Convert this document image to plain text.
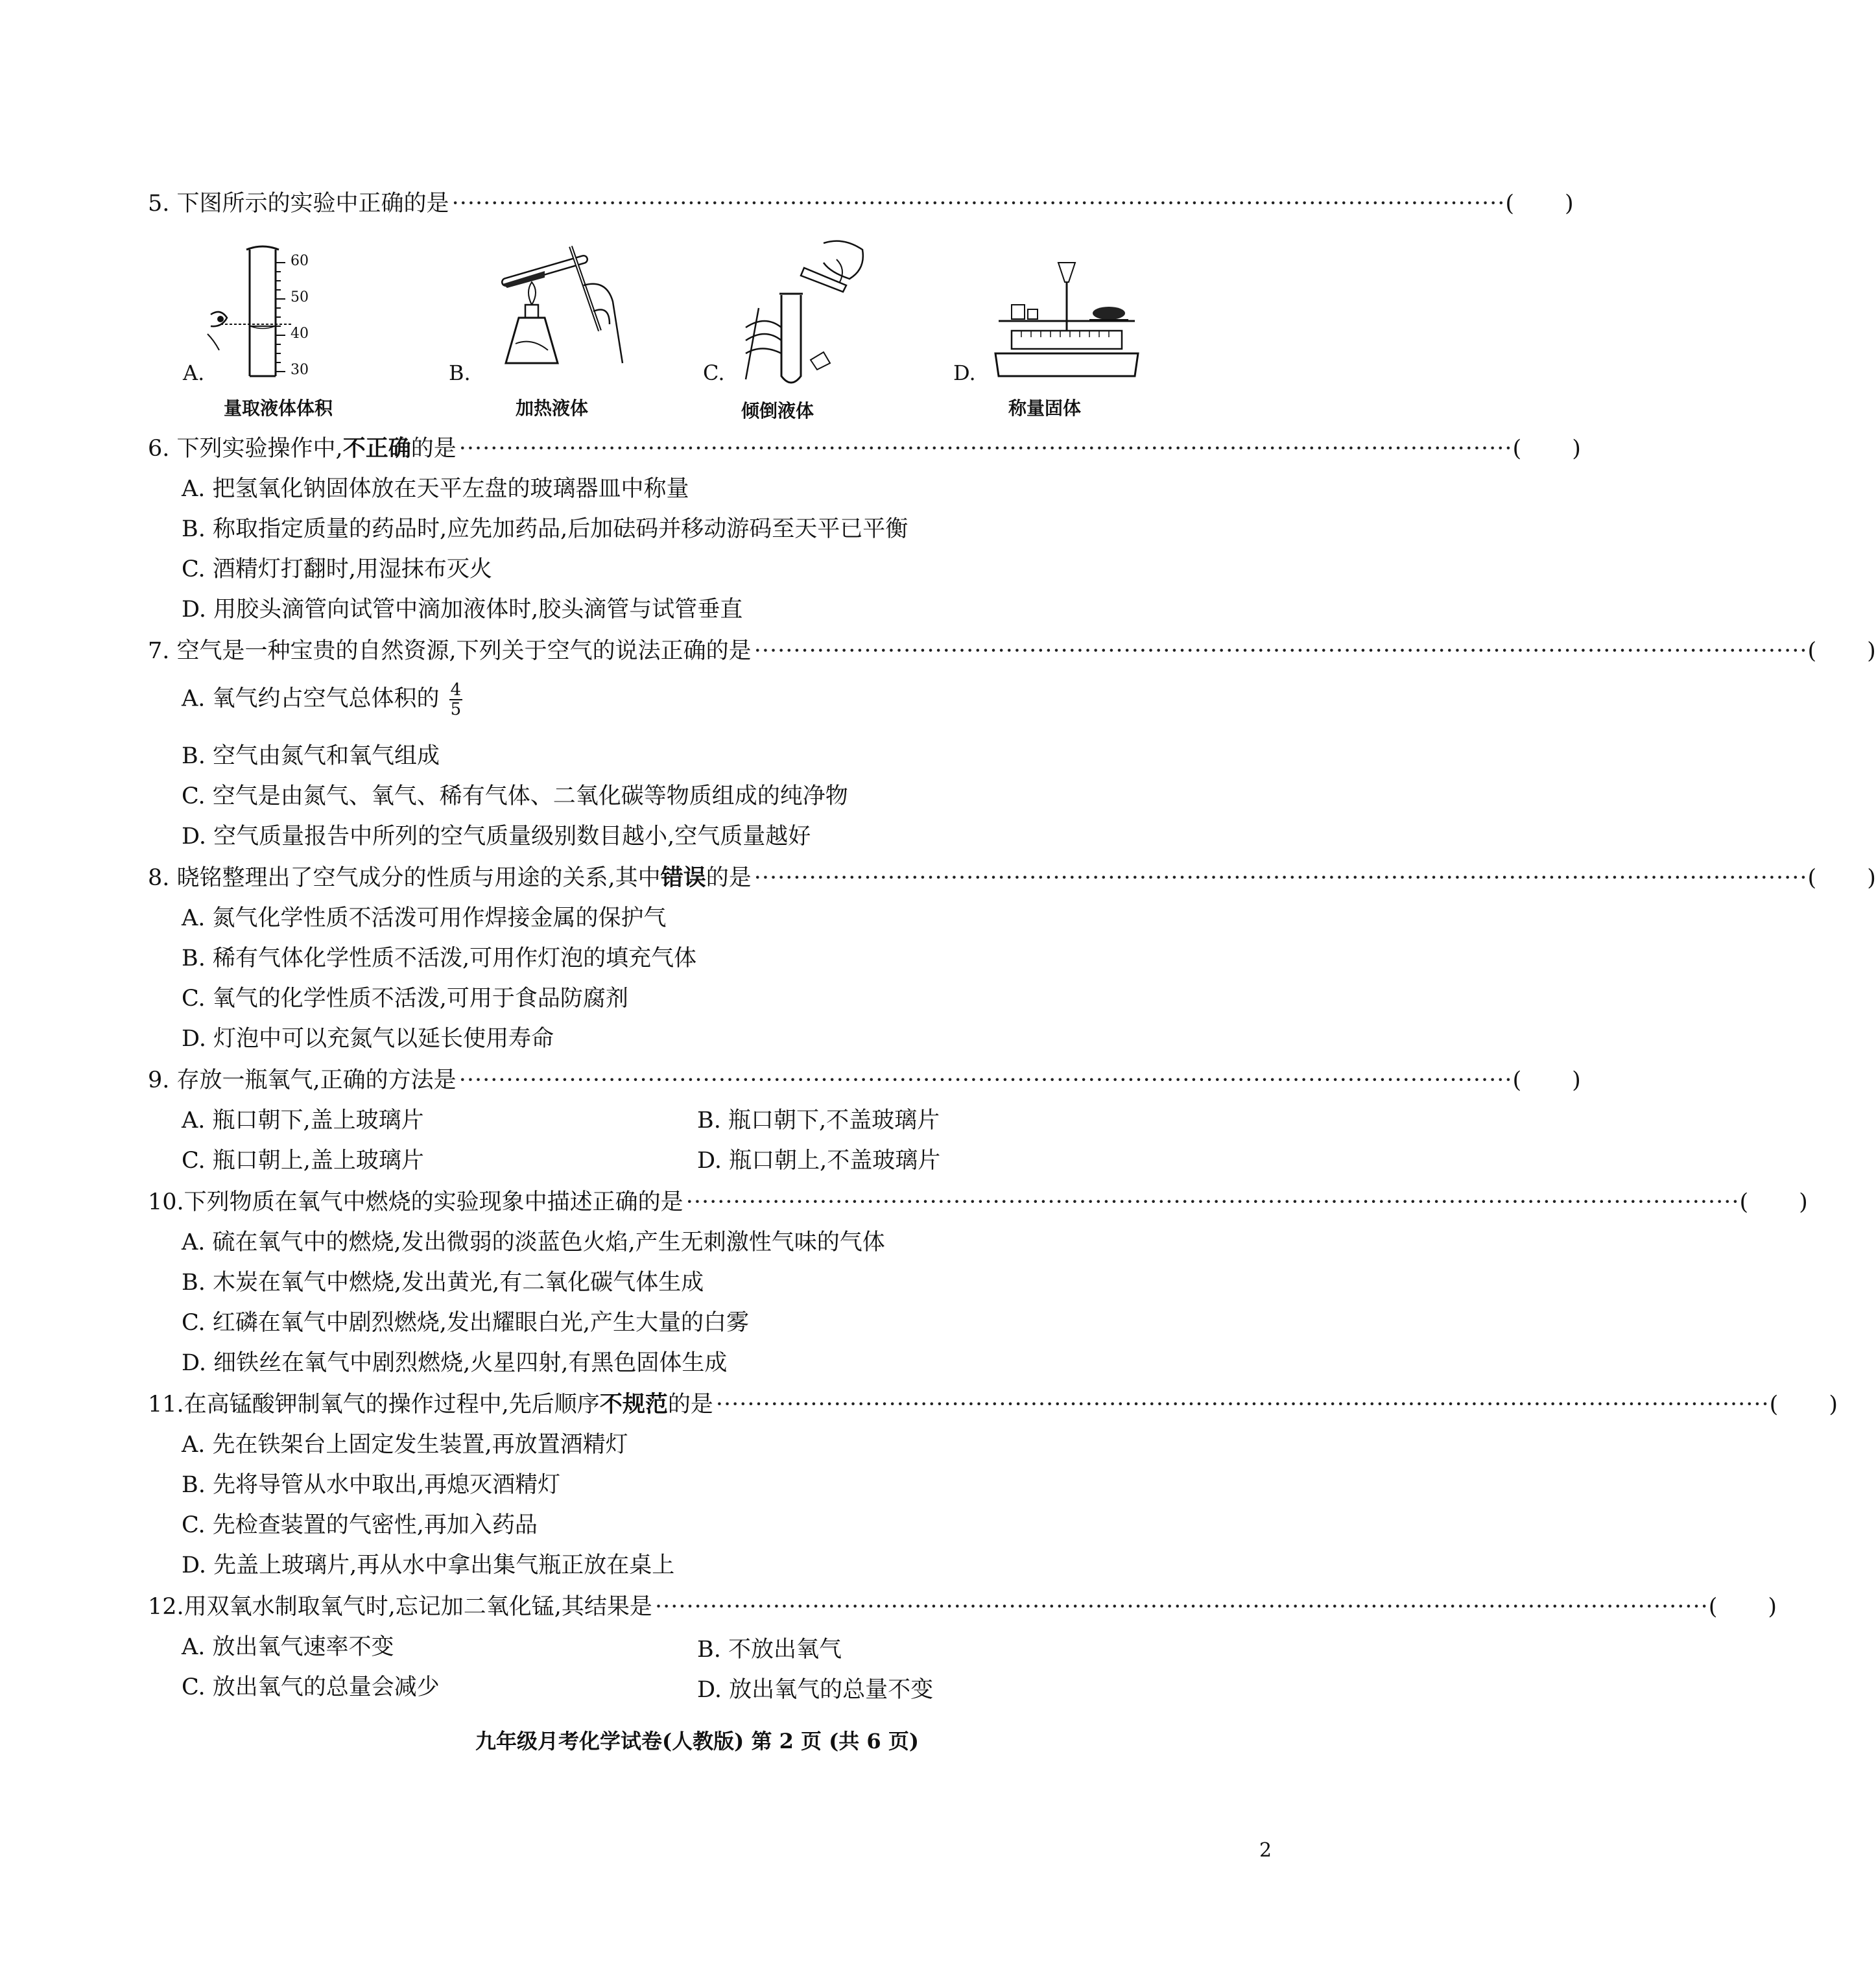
5.
下图所示的实验中正确的是 ······································································································································ ( )
A.
60
50
40
30
量取液体体积
B.
加热液体
C.
倾倒液体
D.
称量固体
6.
下列实验操作中, 不正确 的是 ······································································································································ ( )
A. 把氢氧化钠固体放在天平左盘的玻璃器皿中称量
B. 称取指定质量的药品时,应先加药品,后加砝码并移动游码至天平已平衡
C. 酒精灯打翻时,用湿抹布灭火
D. 用胶头滴管向试管中滴加液体时,胶头滴管与试管垂直
7.
空气是一种宝贵的自然资源,下列关于空气的说法正确的是 ······································································································································ ( )
A. 氧气约占空气总体积的 $\frac{4}{5}$
B. 空气由氮气和氧气组成
C. 空气是由氮气、氧气、稀有气体、二氧化碳等物质组成的纯净物
D. 空气质量报告中所列的空气质量级别数目越小,空气质量越好
8.
晓铭整理出了空气成分的性质与用途的关系,其中 错误 的是 ······································································································································ ( )
A. 氮气化学性质不活泼可用作焊接金属的保护气
B. 稀有气体化学性质不活泼,可用作灯泡的填充气体
C. 氧气的化学性质不活泼,可用于食品防腐剂
D. 灯泡中可以充氮气以延长使用寿命
9.
存放一瓶氧气,正确的方法是 ······································································································································ ( )
A. 瓶口朝下,盖上玻璃片	B. 瓶口朝下,不盖玻璃片
C. 瓶口朝上,盖上玻璃片	D. 瓶口朝上,不盖玻璃片
10. 下列物质在氧气中燃烧的实验现象中描述正确的是 ······································································································································ ( )
A. 硫在氧气中的燃烧,发出微弱的淡蓝色火焰,产生无刺激性气味的气体
B. 木炭在氧气中燃烧,发出黄光,有二氧化碳气体生成
C. 红磷在氧气中剧烈燃烧,发出耀眼白光,产生大量的白雾
D. 细铁丝在氧气中剧烈燃烧,火星四射,有黑色固体生成
11. 在高锰酸钾制氧气的操作过程中,先后顺序 不规范 的是 ······································································································································ ( )
A. 先在铁架台上固定发生装置,再放置酒精灯
B. 先将导管从水中取出,再熄灭酒精灯
C. 先检查装置的气密性,再加入药品
D. 先盖上玻璃片,再从水中拿出集气瓶正放在桌上
12. 用双氧水制取氧气时,忘记加二氧化锰,其结果是 ······································································································································ ( )
A. 放出氧气速率不变	B. 不放出氧气
C. 放出氧气的总量会减少	D. 放出氧气的总量不变
九年级月考化学试卷(人教版) 第 2 页 (共 6 页)
2
